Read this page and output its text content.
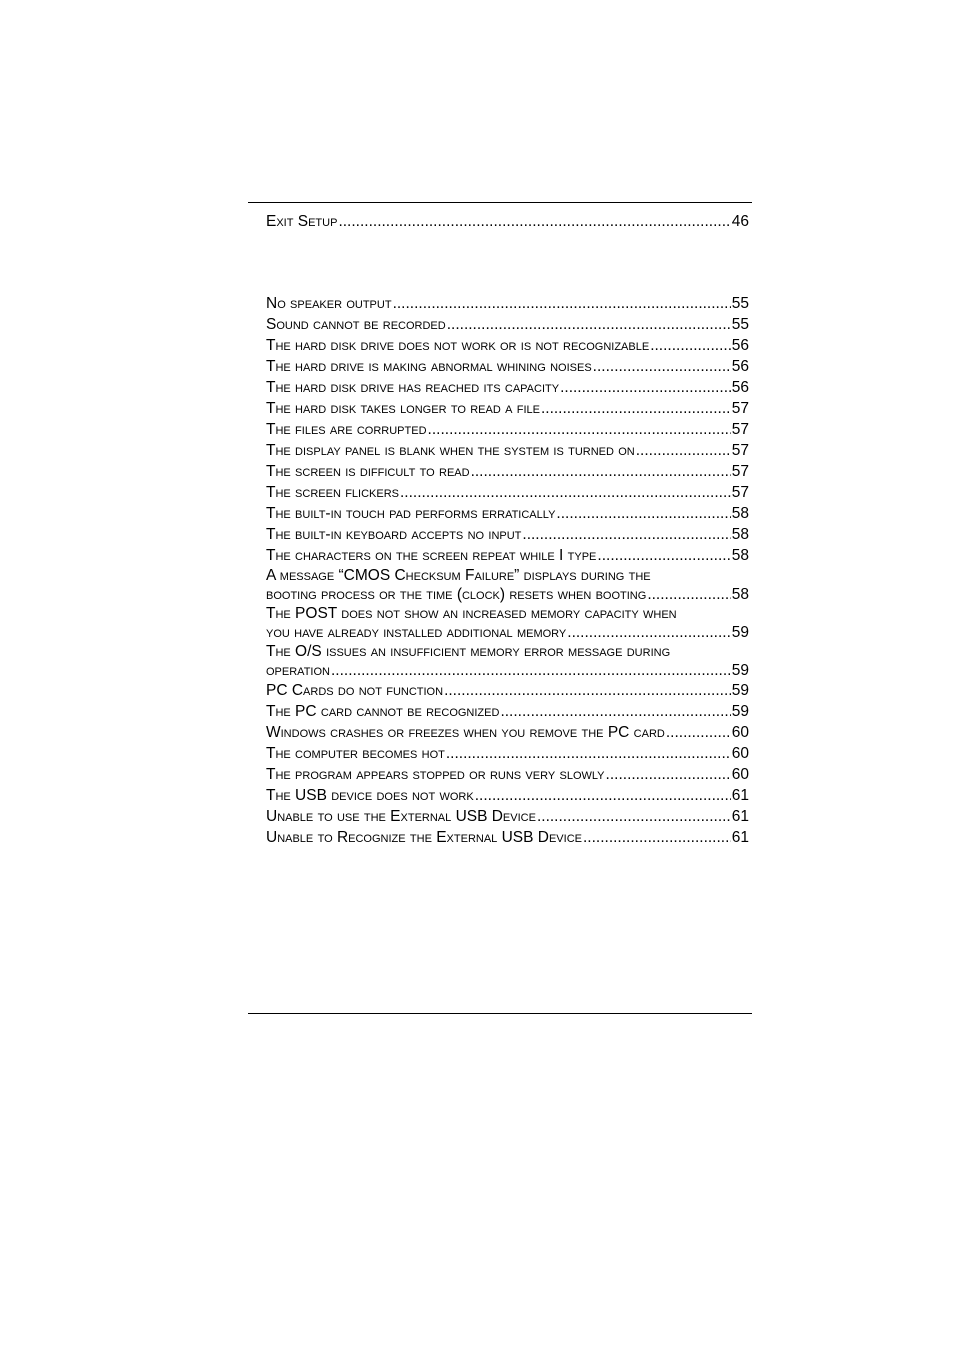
Exit Setup .....	46
No speaker output .....	55
Sound cannot be recorded .....	55
The hard disk drive does not work or is not recognizable .....	56
The hard drive is making abnormal whining noises .....	56
The hard disk drive has reached its capacity .....	56
The hard disk takes longer to read a file .....	57
The files are corrupted .....	57
The display panel is blank when the system is turned on .....	57
The screen is difficult to read .....	57
The screen flickers .....	57
The built-in touch pad performs erratically .....	58
The built-in keyboard accepts no input .....	58
The characters on the screen repeat while I type .....	58
A message “CMOS Checksum Failure” displays during the
booting process or the time (clock) resets when booting .....	58
The POST does not show an increased memory capacity when
you have already installed additional memory .....	59
The O/S issues an insufficient memory error message during
operation .....	59
PC Cards do not function .....	59
The PC card cannot be recognized .....	59
Windows crashes or freezes when you remove the PC card .....	60
The computer becomes hot .....	60
The program appears stopped or runs very slowly .....	60
The USB device does not work .....	61
Unable to use the External USB Device .....	61
Unable to Recognize the External USB Device .....	61
